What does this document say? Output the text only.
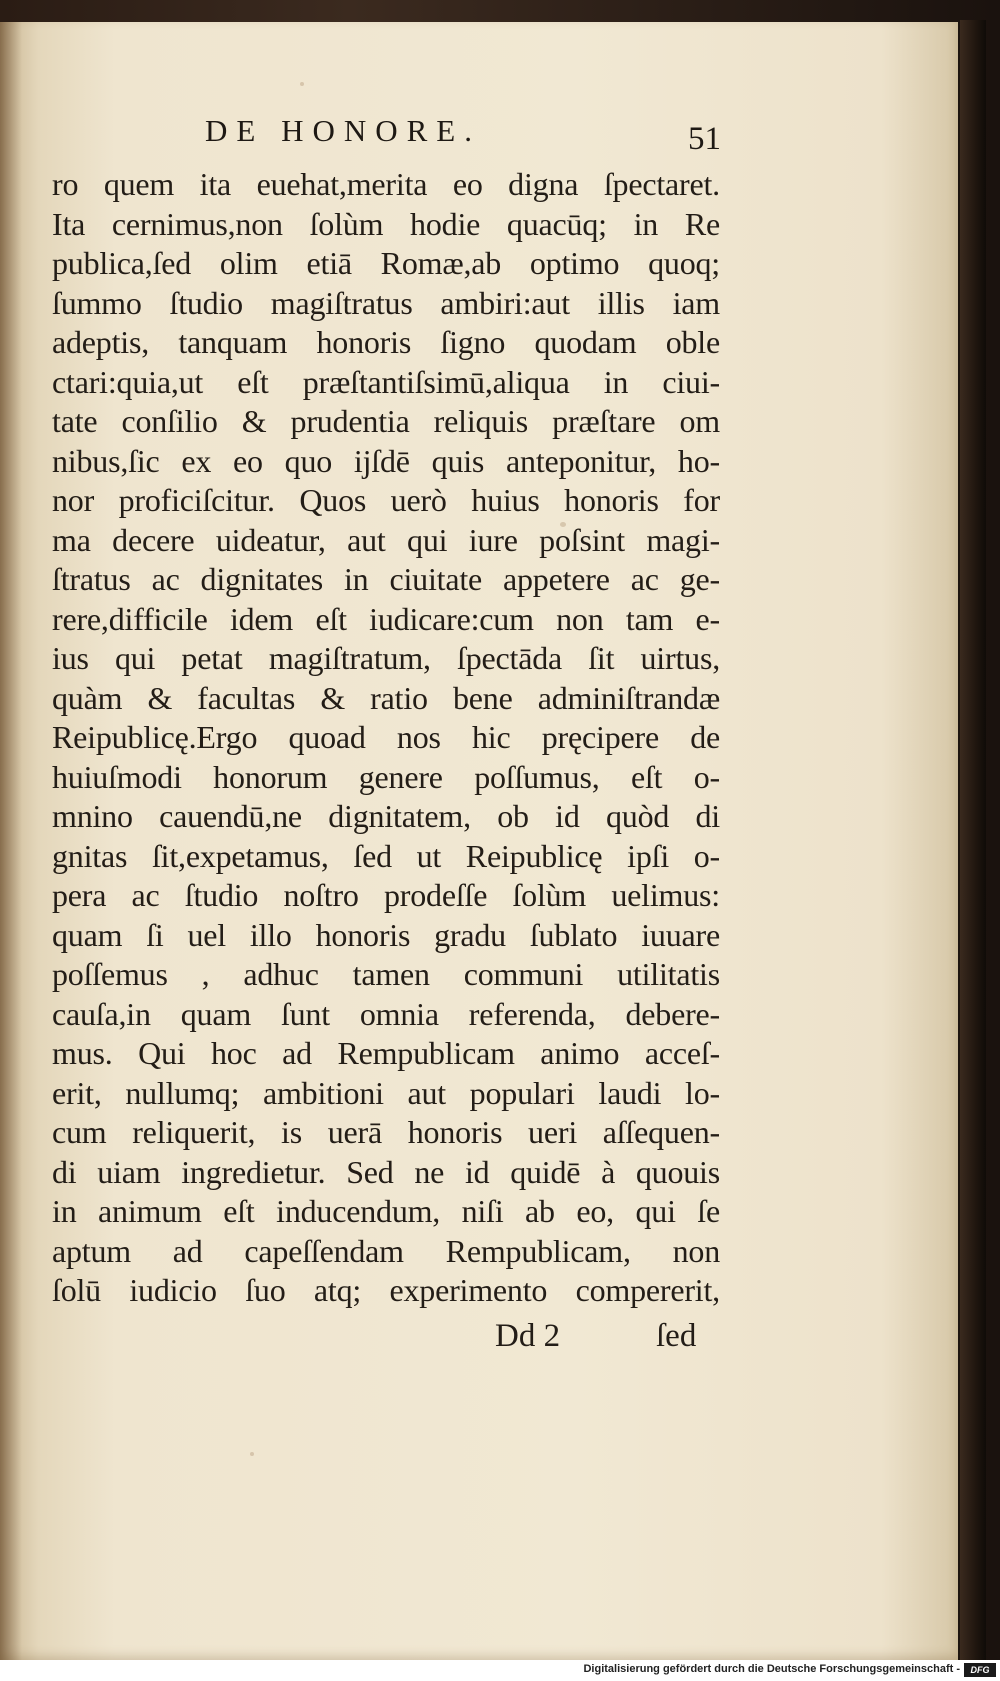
DE HONORE.	51
ro quem ita euehat,merita eo digna ſpectaret.
Ita cernimus,non ſolùm hodie quacūq; in Re
publica,ſed olim etiā Romæ,ab optimo quoq;
ſummo ſtudio magiſtratus ambiri:aut illis iam
adeptis, tanquam honoris ſigno quodam oble
ctari:quia,ut eſt præſtantiſsimū,aliqua in ciui-
tate conſilio & prudentia reliquis præſtare om
nibus,ſic ex eo quo ijſdē quis anteponitur, ho-
nor proficiſcitur. Quos uerò huius honoris for
ma decere uideatur, aut qui iure poſsint magi-
ſtratus ac dignitates in ciuitate appetere ac ge-
rere,difficile idem eſt iudicare:cum non tam e-
ius qui petat magiſtratum, ſpectāda ſit uirtus,
quàm & facultas & ratio bene adminiſtrandæ
Reipublicę.Ergo quoad nos hic pręcipere de
huiuſmodi honorum genere poſſumus, eſt o-
mnino cauendū,ne dignitatem, ob id quòd di
gnitas ſit,expetamus, ſed ut Reipublicę ipſi o-
pera ac ſtudio noſtro prodeſſe ſolùm uelimus:
quam ſi uel illo honoris gradu ſublato iuuare
poſſemus , adhuc tamen communi utilitatis
cauſa,in quam ſunt omnia referenda, debere-
mus. Qui hoc ad Rempublicam animo acceſ-
erit, nullumq; ambitioni aut populari laudi lo-
cum reliquerit, is uerā honoris ueri aſſequen-
di uiam ingredietur. Sed ne id quidē à quouis
in animum eſt inducendum, niſi ab eo, qui ſe
aptum ad capeſſendam Rempublicam, non
ſolū iudicio ſuo atq; experimento compererit,
Dd 2	ſed
Digitalisierung gefördert durch die Deutsche Forschungsgemeinschaft -	DFG
